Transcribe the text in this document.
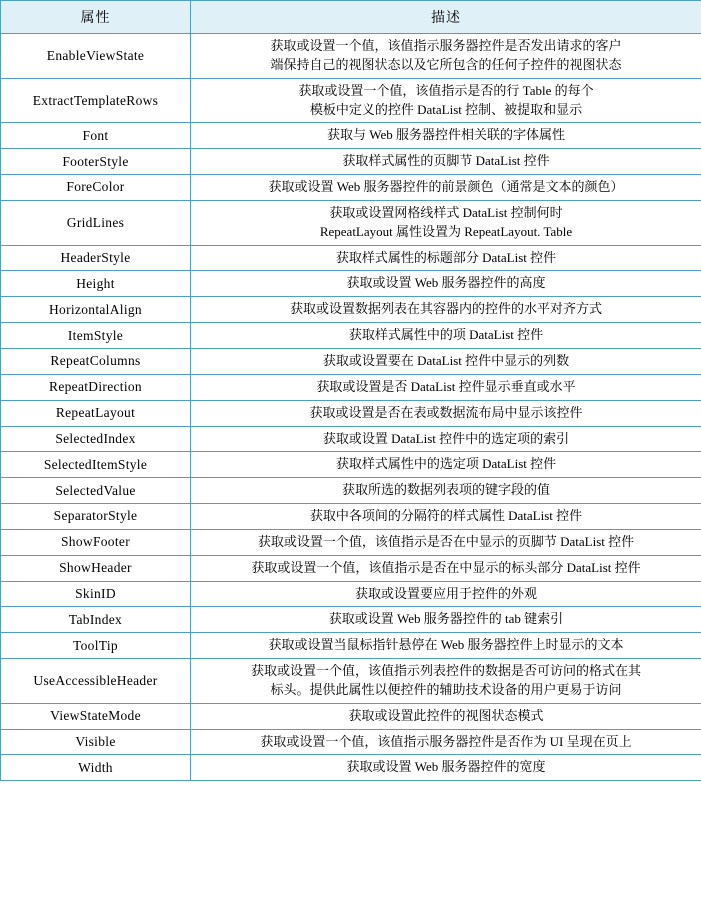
属性	描述
EnableViewState	获取或设置一个值，该值指示服务器控件是否发出请求的客户
端保持自己的视图状态以及它所包含的任何子控件的视图状态

ExtractTemplateRows	获取或设置一个值，该值指示是否的行 Table 的每个
模板中定义的控件 DataList 控制、被提取和显示

Font	获取与 Web 服务器控件相关联的字体属性

FooterStyle	获取样式属性的页脚节 DataList 控件

ForeColor	获取或设置 Web 服务器控件的前景颜色（通常是文本的颜色）

GridLines	获取或设置网格线样式 DataList 控制何时
RepeatLayout 属性设置为 RepeatLayout. Table

HeaderStyle	获取样式属性的标题部分 DataList 控件

Height	获取或设置 Web 服务器控件的高度

HorizontalAlign	获取或设置数据列表在其容器内的控件的水平对齐方式

ItemStyle	获取样式属性中的项 DataList 控件

RepeatColumns	获取或设置要在 DataList 控件中显示的列数

RepeatDirection	获取或设置是否 DataList 控件显示垂直或水平

RepeatLayout	获取或设置是否在表或数据流布局中显示该控件

SelectedIndex	获取或设置 DataList 控件中的选定项的索引

SelectedItemStyle	获取样式属性中的选定项 DataList 控件

SelectedValue	获取所选的数据列表项的键字段的值

SeparatorStyle	获取中各项间的分隔符的样式属性 DataList 控件

ShowFooter	获取或设置一个值，该值指示是否在中显示的页脚节 DataList 控件

ShowHeader	获取或设置一个值，该值指示是否在中显示的标头部分 DataList 控件

SkinID	获取或设置要应用于控件的外观

TabIndex	获取或设置 Web 服务器控件的 tab 键索引

ToolTip	获取或设置当鼠标指针悬停在 Web 服务器控件上时显示的文本

UseAccessibleHeader	获取或设置一个值，该值指示列表控件的数据是否可访问的格式在其
标头。提供此属性以便控件的辅助技术设备的用户更易于访问

ViewStateMode	获取或设置此控件的视图状态模式

Visible	获取或设置一个值，该值指示服务器控件是否作为 UI 呈现在页上

Width	获取或设置 Web 服务器控件的宽度
